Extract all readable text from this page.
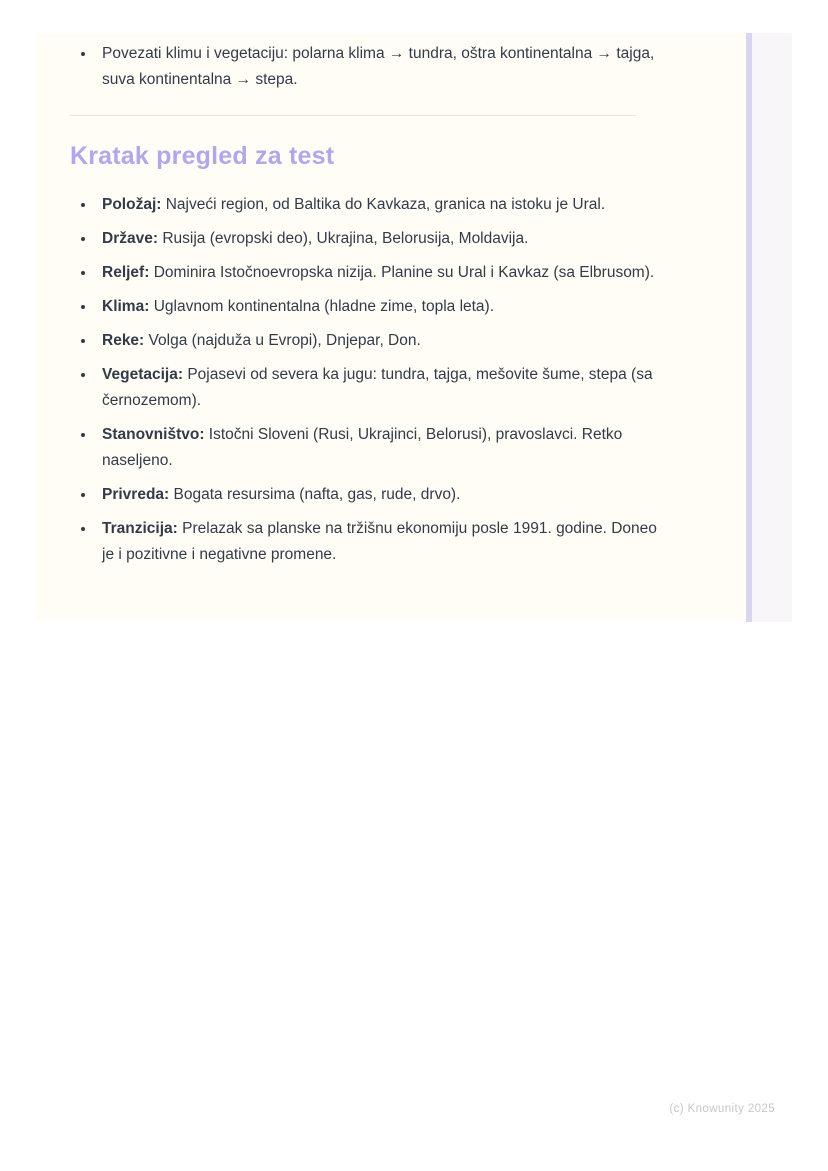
• Povezati klimu i vegetaciju: polarna klima → tundra, oštra kontinentalna → tajga, suva kontinentalna → stepa.
Kratak pregled za test
• Položaj: Najveći region, od Baltika do Kavkaza, granica na istoku je Ural.
• Države: Rusija (evropski deo), Ukrajina, Belorusija, Moldavija.
• Reljef: Dominira Istočnoevropska nizija. Planine su Ural i Kavkaz (sa Elbrusom).
• Klima: Uglavnom kontinentalna (hladne zime, topla leta).
• Reke: Volga (najduža u Evropi), Dnjepar, Don.
• Vegetacija: Pojasevi od severa ka jugu: tundra, tajga, mešovite šume, stepa (sa černozemom).
• Stanovništvo: Istočni Sloveni (Rusi, Ukrajinci, Belorusi), pravoslavci. Retko naseljeno.
• Privreda: Bogata resursima (nafta, gas, rude, drvo).
• Tranzicija: Prelazak sa planske na tržišnu ekonomiju posle 1991. godine. Doneo je i pozitivne i negativne promene.
(c) Knowunity 2025
